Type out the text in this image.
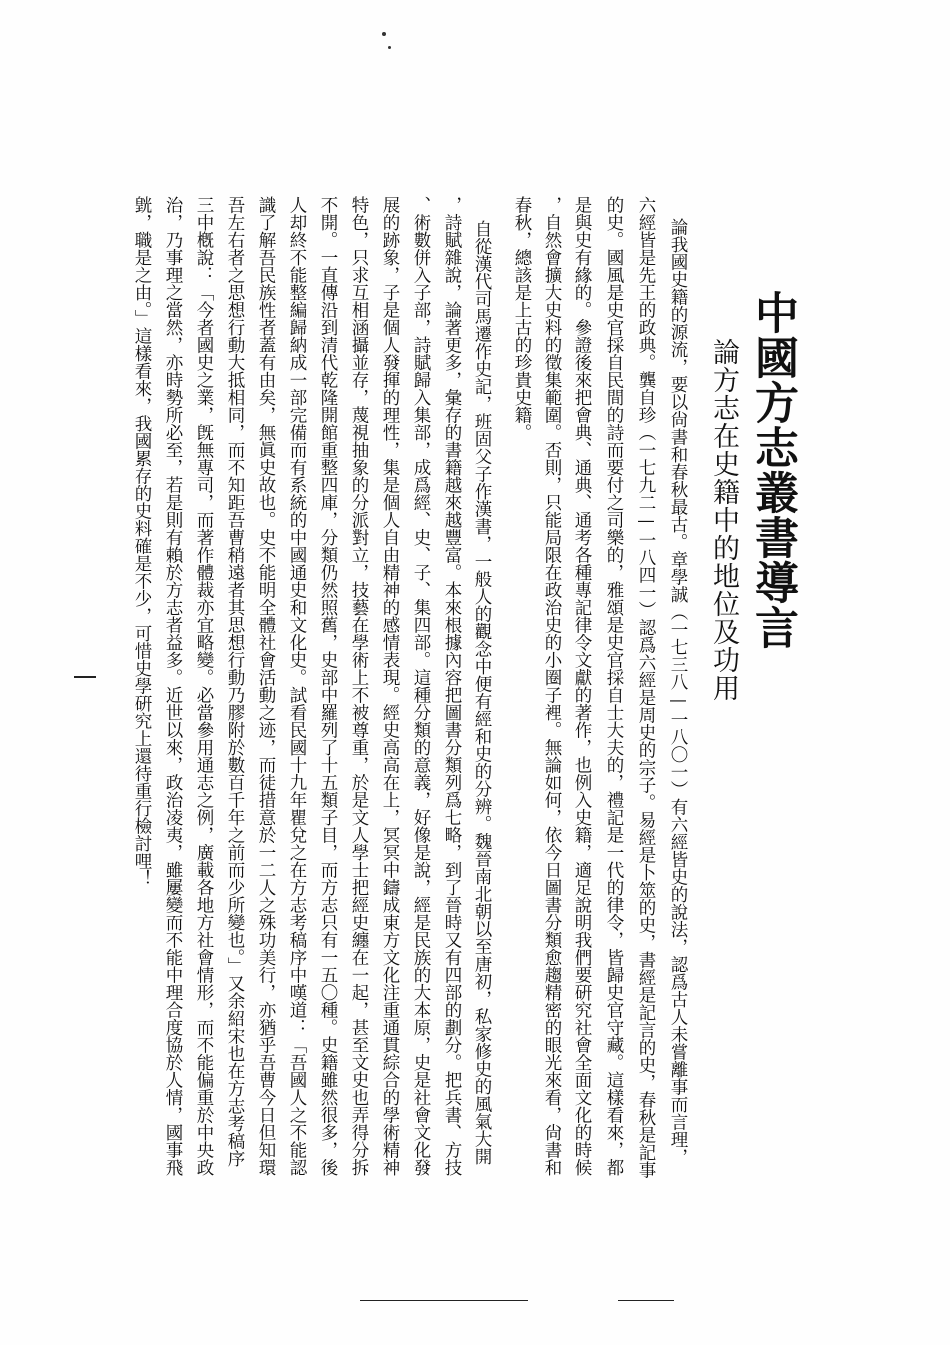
中國方志叢書導言
論方志在史籍中的地位及功用
論我國史籍的源流，要以尙書和春秋最古。章學誠（一七三八—一八〇一）有六經皆史的說法，認爲古人未嘗離事而言理，
六經皆是先王的政典。龔自珍（一七九二—一八四一）認爲六經是周史的宗子。易經是卜筮的史，書經是記言的史，春秋是記事
的史。國風是史官採自民間的詩而要付之司樂的，雅頌是史官採自士大夫的，禮記是一代的律令，皆歸史官守藏。這樣看來，都
是與史有緣的。參證後來把會典、通典、通考各種專記律令文獻的著作，也例入史籍，適足說明我們要硏究社會全面文化的時候
，自然會擴大史料的徵集範圍。否則，只能局限在政治史的小圈子裡。無論如何，依今日圖書分類愈趨精密的眼光來看，尙書和
春秋，總該是上古的珍貴史籍。
自從漢代司馬遷作史記，班固父子作漢書，一般人的觀念中便有經和史的分辨。魏晉南北朝以至唐初，私家修史的風氣大開
，詩賦雜說，論著更多，彙存的書籍越來越豐富。本來根據內容把圖書分類列爲七略，到了晉時又有四部的劃分。把兵書、方技
、術數併入子部，詩賦歸入集部，成爲經、史、子、集四部。這種分類的意義，好像是說，經是民族的大本原，史是社會文化發
展的跡象，子是個人發揮的理性，集是個人自由精神的感情表現。經史高高在上，冥冥中鑄成東方文化注重通貫綜合的學術精神
特色，只求互相涵攝並存，蔑視抽象的分派對立，技藝在學術上不被尊重，於是文人學士把經史纏在一起，甚至文史也弄得分拆
不開。一直傳沿到清代乾隆開館重整四庫，分類仍然照舊，史部中羅列了十五類子目，而方志只有一五〇種。史籍雖然很多，後
人却終不能整編歸納成一部完備而有系統的中國通史和文化史。試看民國十九年瞿兌之在方志考稿序中嘆道：「吾國人之不能認
識了解吾民族性者蓋有由矣，無眞史故也。史不能明全體社會活動之迹，而徒措意於一二人之殊功美行，亦猶乎吾曹今日但知環
吾左右者之思想行動大抵相同，而不知距吾曹稍遠者其思想行動乃膠附於數百千年之前而少所變也。」又余紹宋也在方志考稿序
三中槪說：「今者國史之業，旣無專司，而著作體裁亦宜略變。必當參用通志之例，廣載各地方社會情形，而不能偏重於中央政
治，乃事理之當然，亦時勢所必至，若是則有賴於方志者益多。近世以來，政治凌夷，雖屢變而不能中理合度協於人情，國事飛
皝，職是之由。」這樣看來，我國累存的史料確是不少，可惜史學硏究上還待重行檢討哩！
